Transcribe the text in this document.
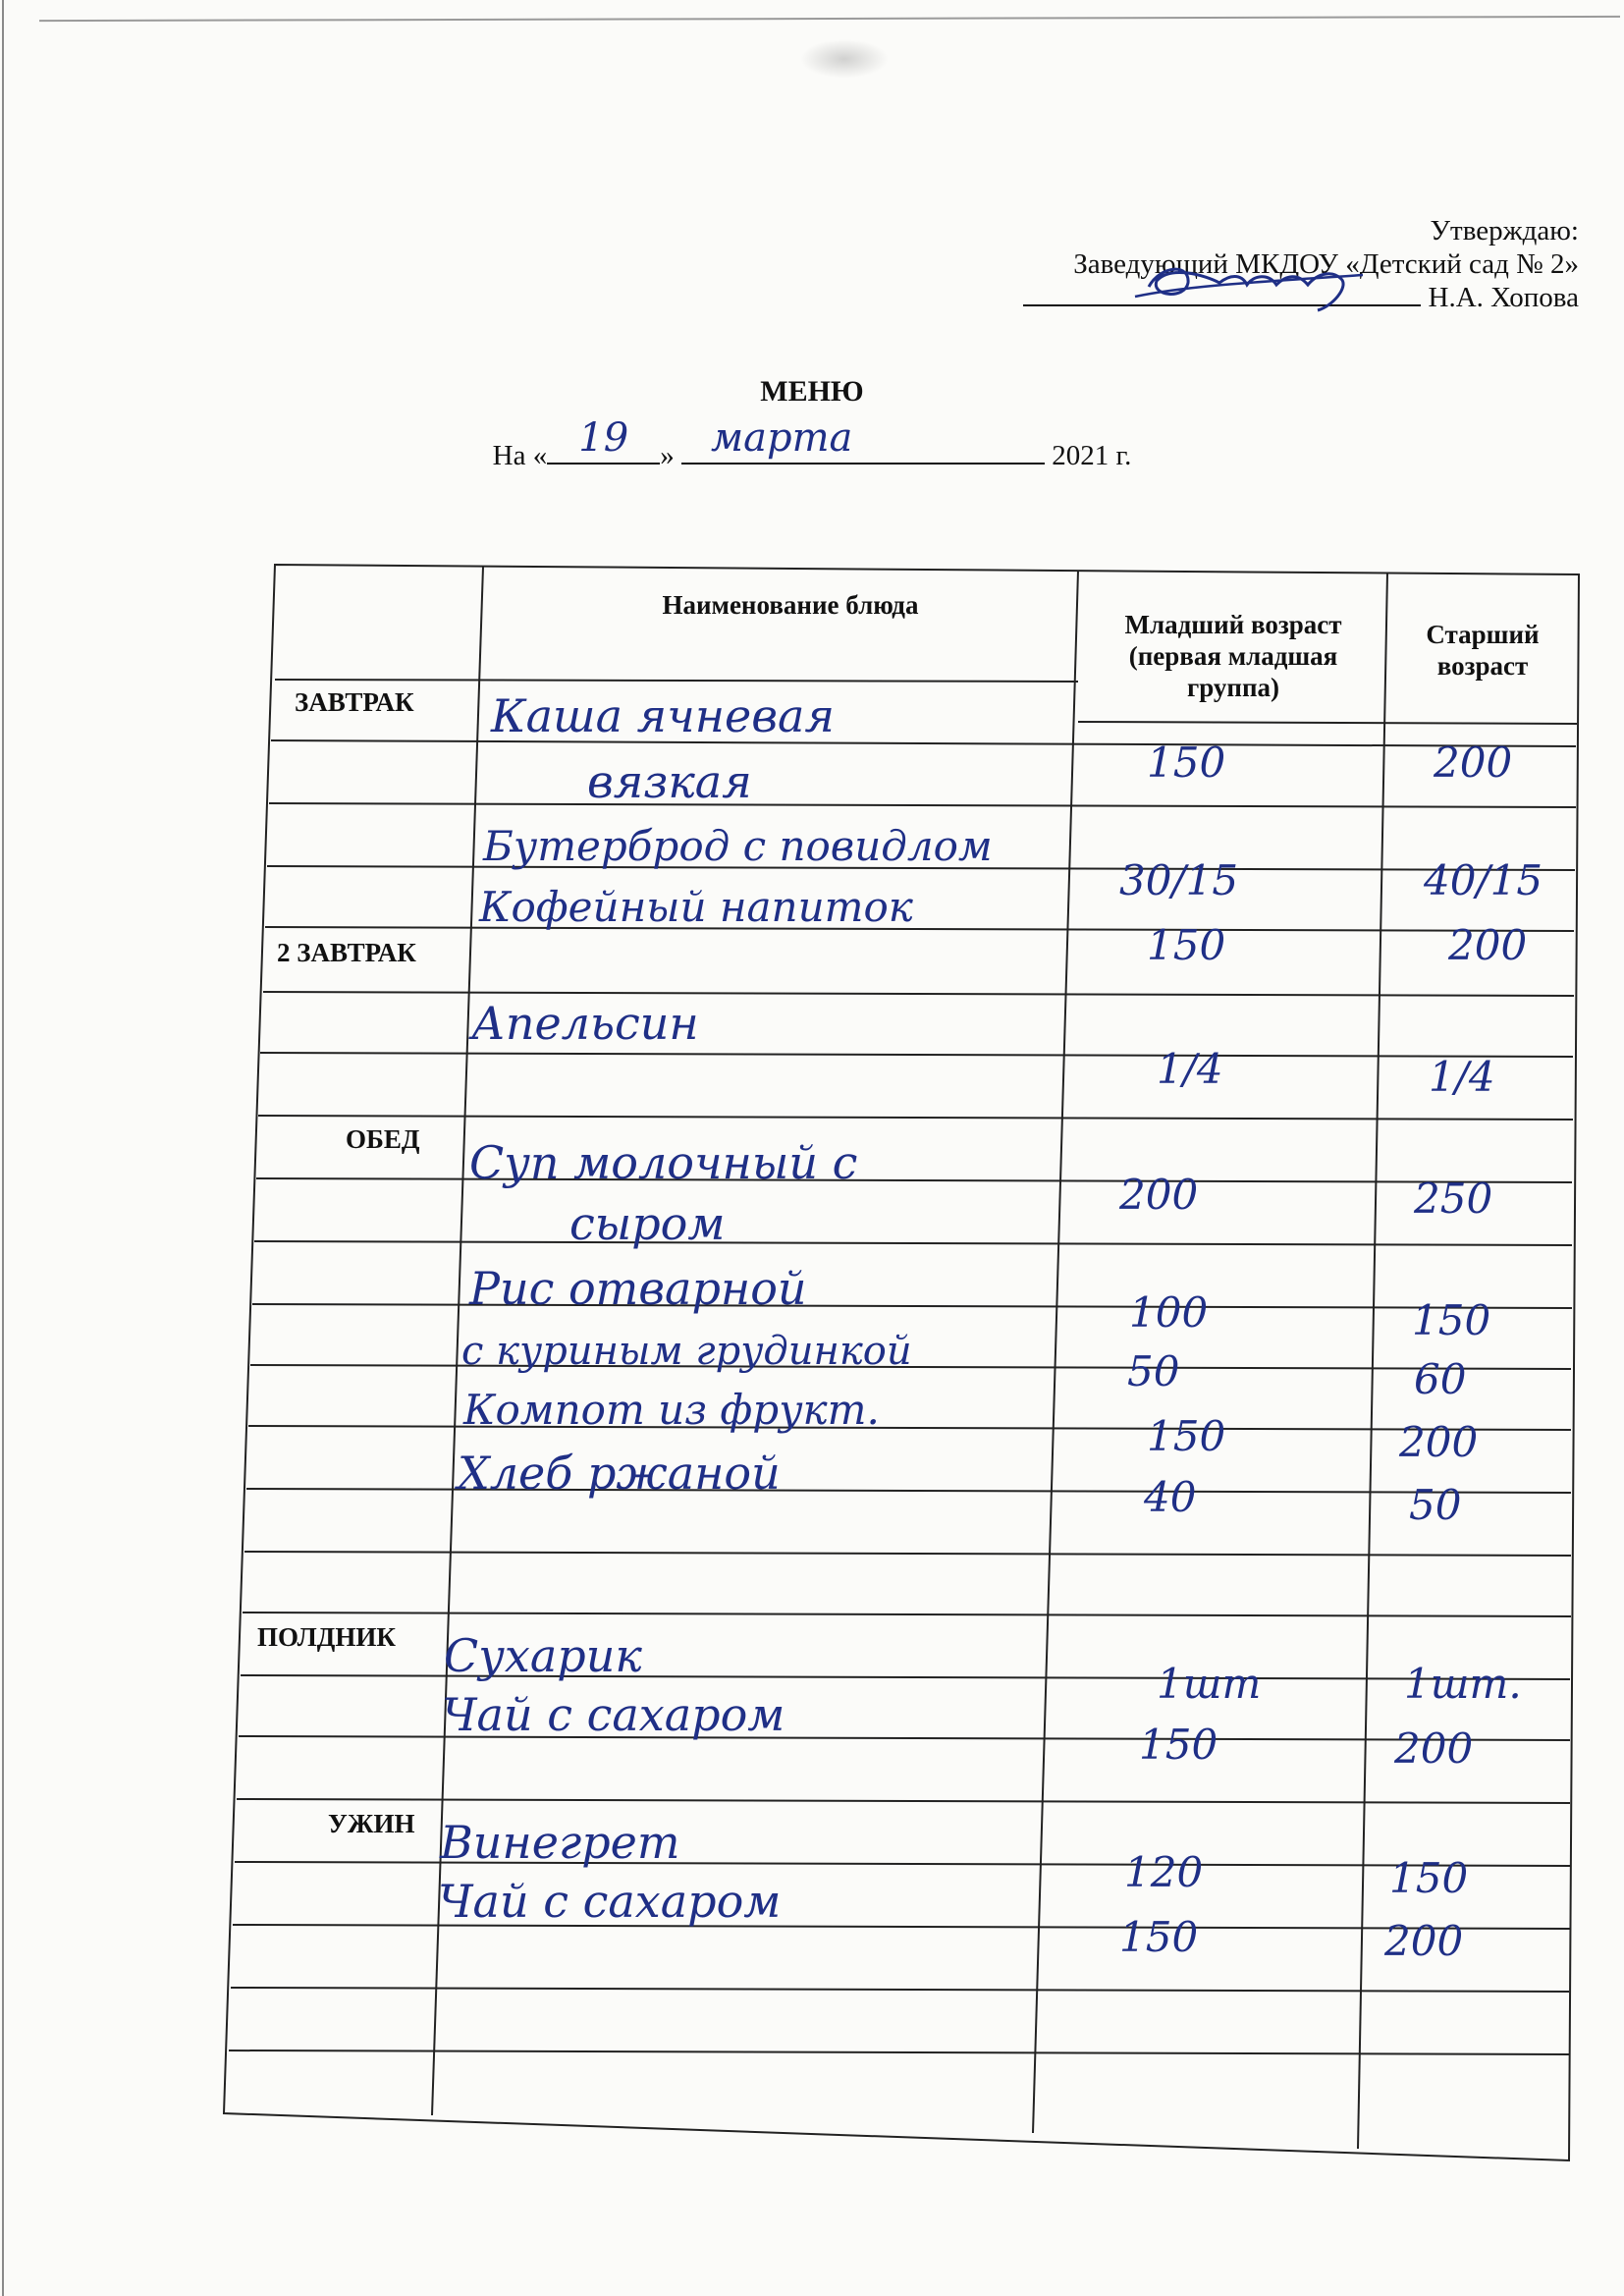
Утверждаю:
Заведующий МКДОУ «Детский сад № 2»
Н.А. Хопова
МЕНЮ
На « 19	» марта	2021 г.
Наименование блюда
Младший возраст (первая младшая группа)
Старший возраст
ЗАВТРАК
2 ЗАВТРАК
ОБЕД
ПОЛДНИК
УЖИН
Каша ячневая
вязкая
Бутерброд с повидлом
Кофейный напиток
Апельсин
Суп молочный с
сыром
Рис отварной
с куриным грудинкой
Компот из фрукт.
Хлеб ржаной
Сухарик
Чай с сахаром
Винегрет
Чай с сахаром
150
30/15
150
1/4
200
100
50
150
40
1шт
150
120
150
200
40/15
200
1/4
250
150
60
200
50
1шт.
200
150
200
